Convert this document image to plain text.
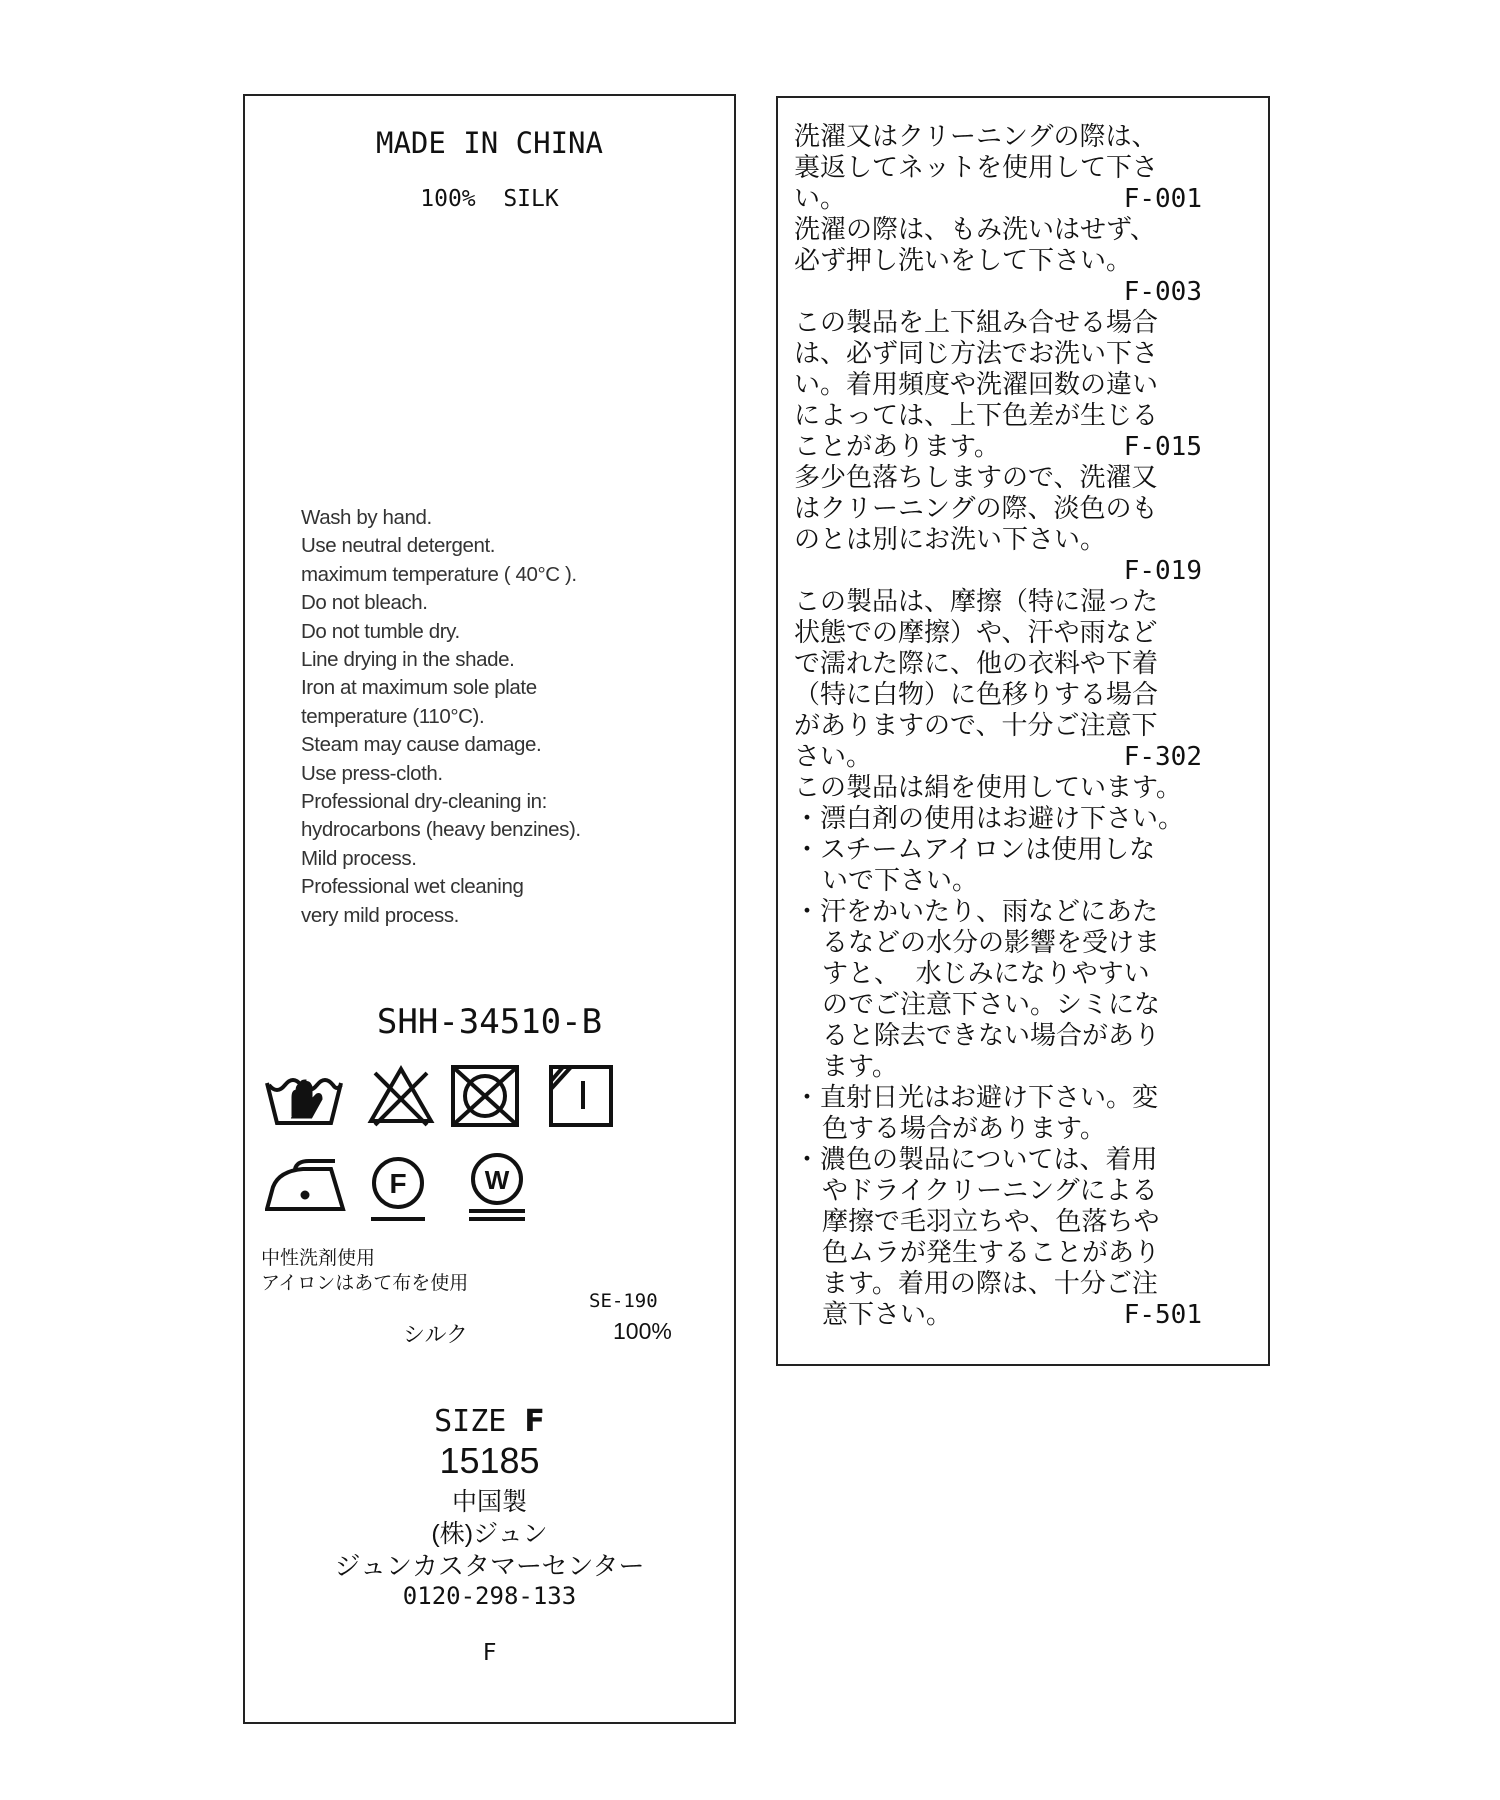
MADE IN CHINA
100%  SILK
Wash by hand.
Use neutral detergent.
maximum temperature ( 40°C ).
Do not bleach.
Do not tumble dry.
Line drying in the shade.
Iron at maximum sole plate
temperature (110°C).
Steam may cause damage.
Use press-cloth.
Professional dry-cleaning in:
hydrocarbons (heavy benzines).
Mild process.
Professional wet cleaning
very mild process.
SHH-34510-B
F	W
中性洗剤使用
アイロンはあて布を使用
SE-190
シルク	100%
SIZE F
15185
中国製
(株)ジュン
ジュンカスタマーセンター
0120-298-133
F
洗濯又はクリーニングの際は、
裏返してネットを使用して下さ
い。	F-001
洗濯の際は、もみ洗いはせず、
必ず押し洗いをして下さい。
F-003
この製品を上下組み合せる場合
は、必ず同じ方法でお洗い下さ
い。着用頻度や洗濯回数の違い
によっては、上下色差が生じる
ことがあります。	F-015
多少色落ちしますので、洗濯又
はクリーニングの際、淡色のも
のとは別にお洗い下さい。
F-019
この製品は、摩擦（特に湿った
状態での摩擦）や、汗や雨など
で濡れた際に、他の衣料や下着
（特に白物）に色移りする場合
がありますので、十分ご注意下
さい。	F-302
この製品は絹を使用しています。
・漂白剤の使用はお避け下さい。
・スチームアイロンは使用しな
いで下さい。
・汗をかいたり、雨などにあた
るなどの水分の影響を受けま
すと、 水じみになりやすい
のでご注意下さい。シミにな
ると除去できない場合があり
ます。
・直射日光はお避け下さい。変
色する場合があります。
・濃色の製品については、着用
やドライクリーニングによる
摩擦で毛羽立ちや、色落ちや
色ムラが発生することがあり
ます。着用の際は、十分ご注
意下さい。	F-501
